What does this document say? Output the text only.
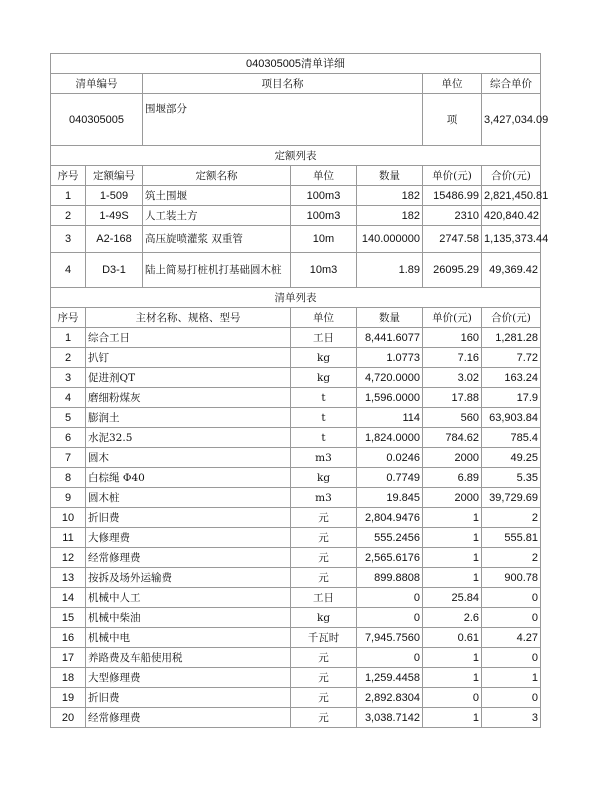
040305005清单详细						
清单编号		项目名称			单位	综合单价
040305005		围堰部分			项	3,427,034.09
定额列表						
序号	定额编号	定额名称	单位	数量	单价(元)	合价(元)
1	1-509	筑土围堰	100m3	182	15486.99	2,821,450.81
2	1-49S	人工装土方	100m3	182	2310	420,840.42
3	A2-168	高压旋喷灌浆 双重管	10m	140.000000	2747.58	1,135,373.44
4	D3-1	陆上简易打桩机打基础圆木桩	10m3	1.89	26095.29	49,369.42
清单列表						
序号	主材名称、规格、型号		单位	数量	单价(元)	合价(元)
1	综合工日		工日	8,441.6077	160	1,281.28
2	扒钉		kg	1.0773	7.16	7.72
3	促进剂QT		kg	4,720.0000	3.02	163.24
4	磨细粉煤灰		t	1,596.0000	17.88	17.9
5	膨润土		t	114	560	63,903.84
6	水泥32.5		t	1,824.0000	784.62	785.4
7	圆木		m3	0.0246	2000	49.25
8	白棕绳 Φ40		kg	0.7749	6.89	5.35
9	圆木桩		m3	19.845	2000	39,729.69
10	折旧费		元	2,804.9476	1	2
11	大修理费		元	555.2456	1	555.81
12	经常修理费		元	2,565.6176	1	2
13	按拆及场外运输费		元	899.8808	1	900.78
14	机械中人工		工日	0	25.84	0
15	机械中柴油		kg	0	2.6	0
16	机械中电		千瓦时	7,945.7560	0.61	4.27
17	养路费及车船使用税		元	0	1	0
18	大型修理费		元	1,259.4458	1	1
19	折旧费		元	2,892.8304	0	0
20	经常修理费		元	3,038.7142	1	3
